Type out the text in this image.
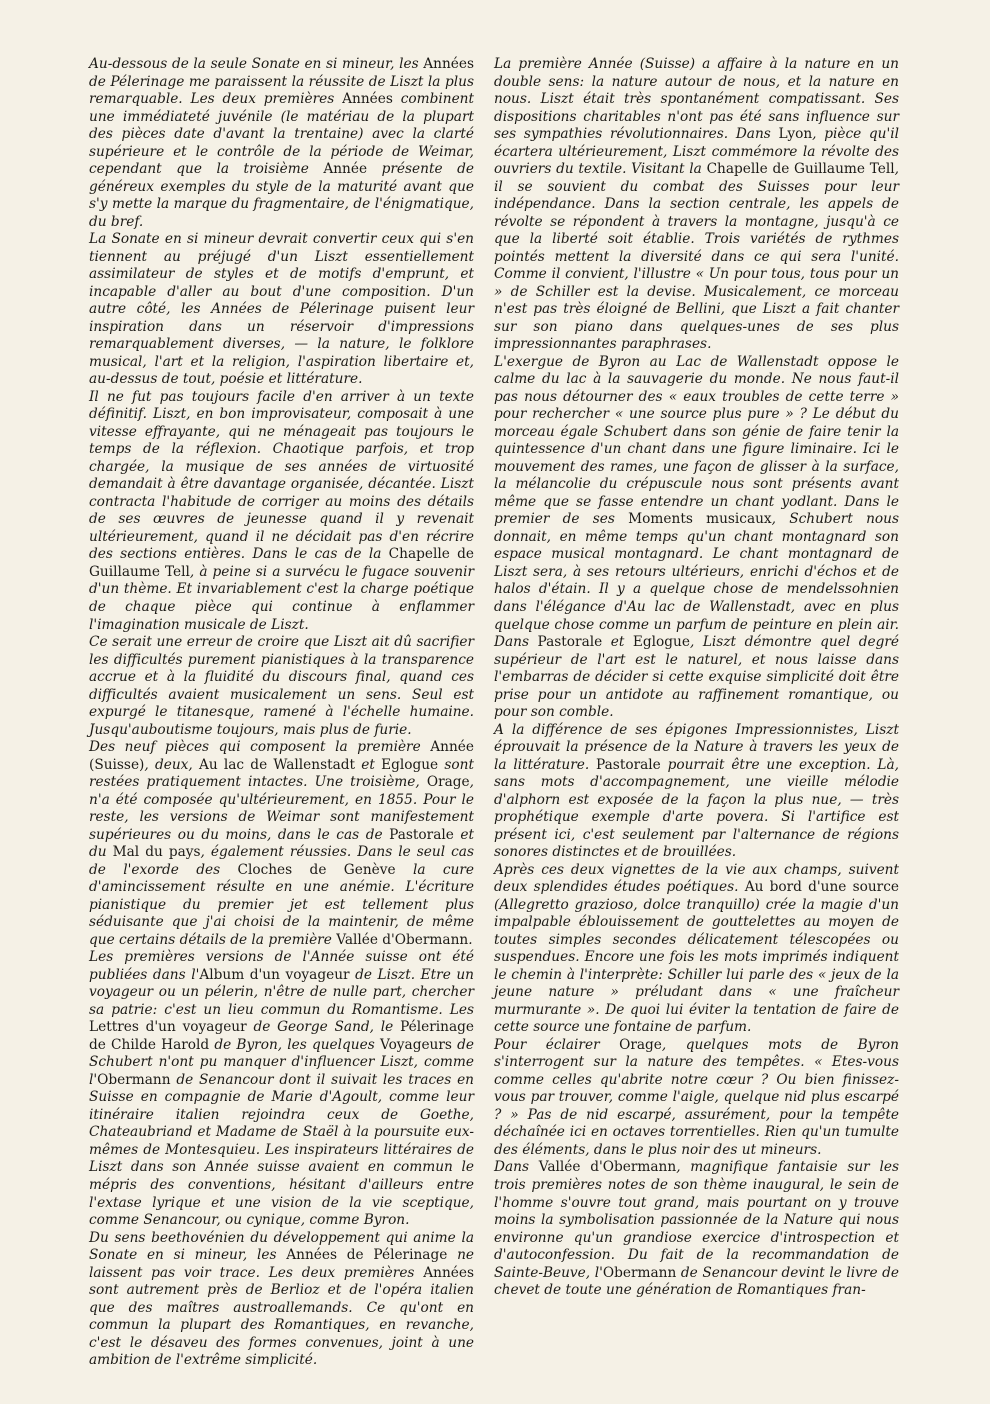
Au-dessous de la seule Sonate en si mineur, les Années de Pélerinage me paraissent la réussite de Liszt la plus remarquable. Les deux premières Années combinent une immédiateté juvénile (le matériau de la plupart des pièces date d'avant la trentaine) avec la clarté supérieure et le contrôle de la période de Weimar, cependant que la troisième Année présente de généreux exemples du style de la maturité avant que s'y mette la marque du fragmentaire, de l'énigmatique, du bref.

La Sonate en si mineur devrait convertir ceux qui s'en tiennent au préjugé d'un Liszt essentiellement assimilateur de styles et de motifs d'emprunt, et incapable d'aller au bout d'une composition. D'un autre côté, les Années de Pélerinage puisent leur inspiration dans un réservoir d'impressions remarquablement diverses, — la nature, le folklore musical, l'art et la religion, l'aspiration libertaire et, au-dessus de tout, poésie et littérature.

Il ne fut pas toujours facile d'en arriver à un texte définitif. Liszt, en bon improvisateur, composait à une vitesse effrayante, qui ne ménageait pas toujours le temps de la réflexion. Chaotique parfois, et trop chargée, la musique de ses années de virtuosité demandait à être davantage organisée, décantée. Liszt contracta l'habitude de corriger au moins des détails de ses œuvres de jeunesse quand il y revenait ultérieurement, quand il ne décidait pas d'en récrire des sections entières. Dans le cas de la Chapelle de Guillaume Tell, à peine si a survécu le fugace souvenir d'un thème. Et invariablement c'est la charge poétique de chaque pièce qui continue à enflammer l'imagination musicale de Liszt.

Ce serait une erreur de croire que Liszt ait dû sacrifier les difficultés purement pianistiques à la transparence accrue et à la fluidité du discours final, quand ces difficultés avaient musicalement un sens. Seul est expurgé le titanesque, ramené à l'échelle humaine. Jusqu'auboutisme toujours, mais plus de furie.

Des neuf pièces qui composent la première Année (Suisse), deux, Au lac de Wallenstadt et Eglogue sont restées pratiquement intactes. Une troisième, Orage, n'a été composée qu'ultérieurement, en 1855. Pour le reste, les versions de Weimar sont manifestement supérieures ou du moins, dans le cas de Pastorale et du Mal du pays, également réussies. Dans le seul cas de l'exorde des Cloches de Genève la cure d'amincissement résulte en une anémie. L'écriture pianistique du premier jet est tellement plus séduisante que j'ai choisi de la maintenir, de même que certains détails de la première Vallée d'Obermann.

Les premières versions de l'Année suisse ont été publiées dans l'Album d'un voyageur de Liszt. Etre un voyageur ou un pélerin, n'être de nulle part, chercher sa patrie: c'est un lieu commun du Romantisme. Les Lettres d'un voyageur de George Sand, le Pélerinage de Childe Harold de Byron, les quelques Voyageurs de Schubert n'ont pu manquer d'influencer Liszt, comme l'Obermann de Senancour dont il suivait les traces en Suisse en compagnie de Marie d'Agoult, comme leur itinéraire italien rejoindra ceux de Goethe, Chateaubriand et Madame de Staël à la poursuite eux-mêmes de Montesquieu. Les inspirateurs littéraires de Liszt dans son Année suisse avaient en commun le mépris des conventions, hésitant d'ailleurs entre l'extase lyrique et une vision de la vie sceptique, comme Senancour, ou cynique, comme Byron.

Du sens beethovénien du développement qui anime la Sonate en si mineur, les Années de Pélerinage ne laissent pas voir trace. Les deux premières Années sont autrement près de Berlioz et de l'opéra italien que des maîtres austroallemands. Ce qu'ont en commun la plupart des Romantiques, en revanche, c'est le désaveu des formes convenues, joint à une ambition de l'extrême simplicité.

La première Année (Suisse) a affaire à la nature en un double sens: la nature autour de nous, et la nature en nous. Liszt était très spontanément compatissant. Ses dispositions charitables n'ont pas été sans influence sur ses sympathies révolutionnaires. Dans Lyon, pièce qu'il écartera ultérieurement, Liszt commémore la révolte des ouvriers du textile. Visitant la Chapelle de Guillaume Tell, il se souvient du combat des Suisses pour leur indépendance. Dans la section centrale, les appels de révolte se répondent à travers la montagne, jusqu'à ce que la liberté soit établie. Trois variétés de rythmes pointés mettent la diversité dans ce qui sera l'unité. Comme il convient, l'illustre « Un pour tous, tous pour un » de Schiller est la devise. Musicalement, ce morceau n'est pas très éloigné de Bellini, que Liszt a fait chanter sur son piano dans quelques-unes de ses plus impressionnantes paraphrases.

L'exergue de Byron au Lac de Wallenstadt oppose le calme du lac à la sauvagerie du monde. Ne nous faut-il pas nous détourner des « eaux troubles de cette terre » pour rechercher « une source plus pure » ? Le début du morceau égale Schubert dans son génie de faire tenir la quintessence d'un chant dans une figure liminaire. Ici le mouvement des rames, une façon de glisser à la surface, la mélancolie du crépuscule nous sont présents avant même que se fasse entendre un chant yodlant. Dans le premier de ses Moments musicaux, Schubert nous donnait, en même temps qu'un chant montagnard son espace musical montagnard. Le chant montagnard de Liszt sera, à ses retours ultérieurs, enrichi d'échos et de halos d'étain. Il y a quelque chose de mendelssohnien dans l'élégance d'Au lac de Wallenstadt, avec en plus quelque chose comme un parfum de peinture en plein air. Dans Pastorale et Eglogue, Liszt démontre quel degré supérieur de l'art est le naturel, et nous laisse dans l'embarras de décider si cette exquise simplicité doit être prise pour un antidote au raffinement romantique, ou pour son comble.

A la différence de ses épigones Impressionnistes, Liszt éprouvait la présence de la Nature à travers les yeux de la littérature. Pastorale pourrait être une exception. Là, sans mots d'accompagnement, une vieille mélodie d'alphorn est exposée de la façon la plus nue, — très prophétique exemple d'arte povera. Si l'artifice est présent ici, c'est seulement par l'alternance de régions sonores distinctes et de brouillées.

Après ces deux vignettes de la vie aux champs, suivent deux splendides études poétiques. Au bord d'une source (Allegretto grazioso, dolce tranquillo) crée la magie d'un impalpable éblouissement de gouttelettes au moyen de toutes simples secondes délicatement télescopées ou suspendues. Encore une fois les mots imprimés indiquent le chemin à l'interprète: Schiller lui parle des « jeux de la jeune nature » préludant dans « une fraîcheur murmurante ». De quoi lui éviter la tentation de faire de cette source une fontaine de parfum.

Pour éclairer Orage, quelques mots de Byron s'interrogent sur la nature des tempêtes. « Etes-vous comme celles qu'abrite notre cœur ? Ou bien finissez-vous par trouver, comme l'aigle, quelque nid plus escarpé ? » Pas de nid escarpé, assurément, pour la tempête déchaînée ici en octaves torrentielles. Rien qu'un tumulte des éléments, dans le plus noir des ut mineurs.

Dans Vallée d'Obermann, magnifique fantaisie sur les trois premières notes de son thème inaugural, le sein de l'homme s'ouvre tout grand, mais pourtant on y trouve moins la symbolisation passionnée de la Nature qui nous environne qu'un grandiose exercice d'introspection et d'autoconfession. Du fait de la recommandation de Sainte-Beuve, l'Obermann de Senancour devint le livre de chevet de toute une génération de Romantiques fran-
